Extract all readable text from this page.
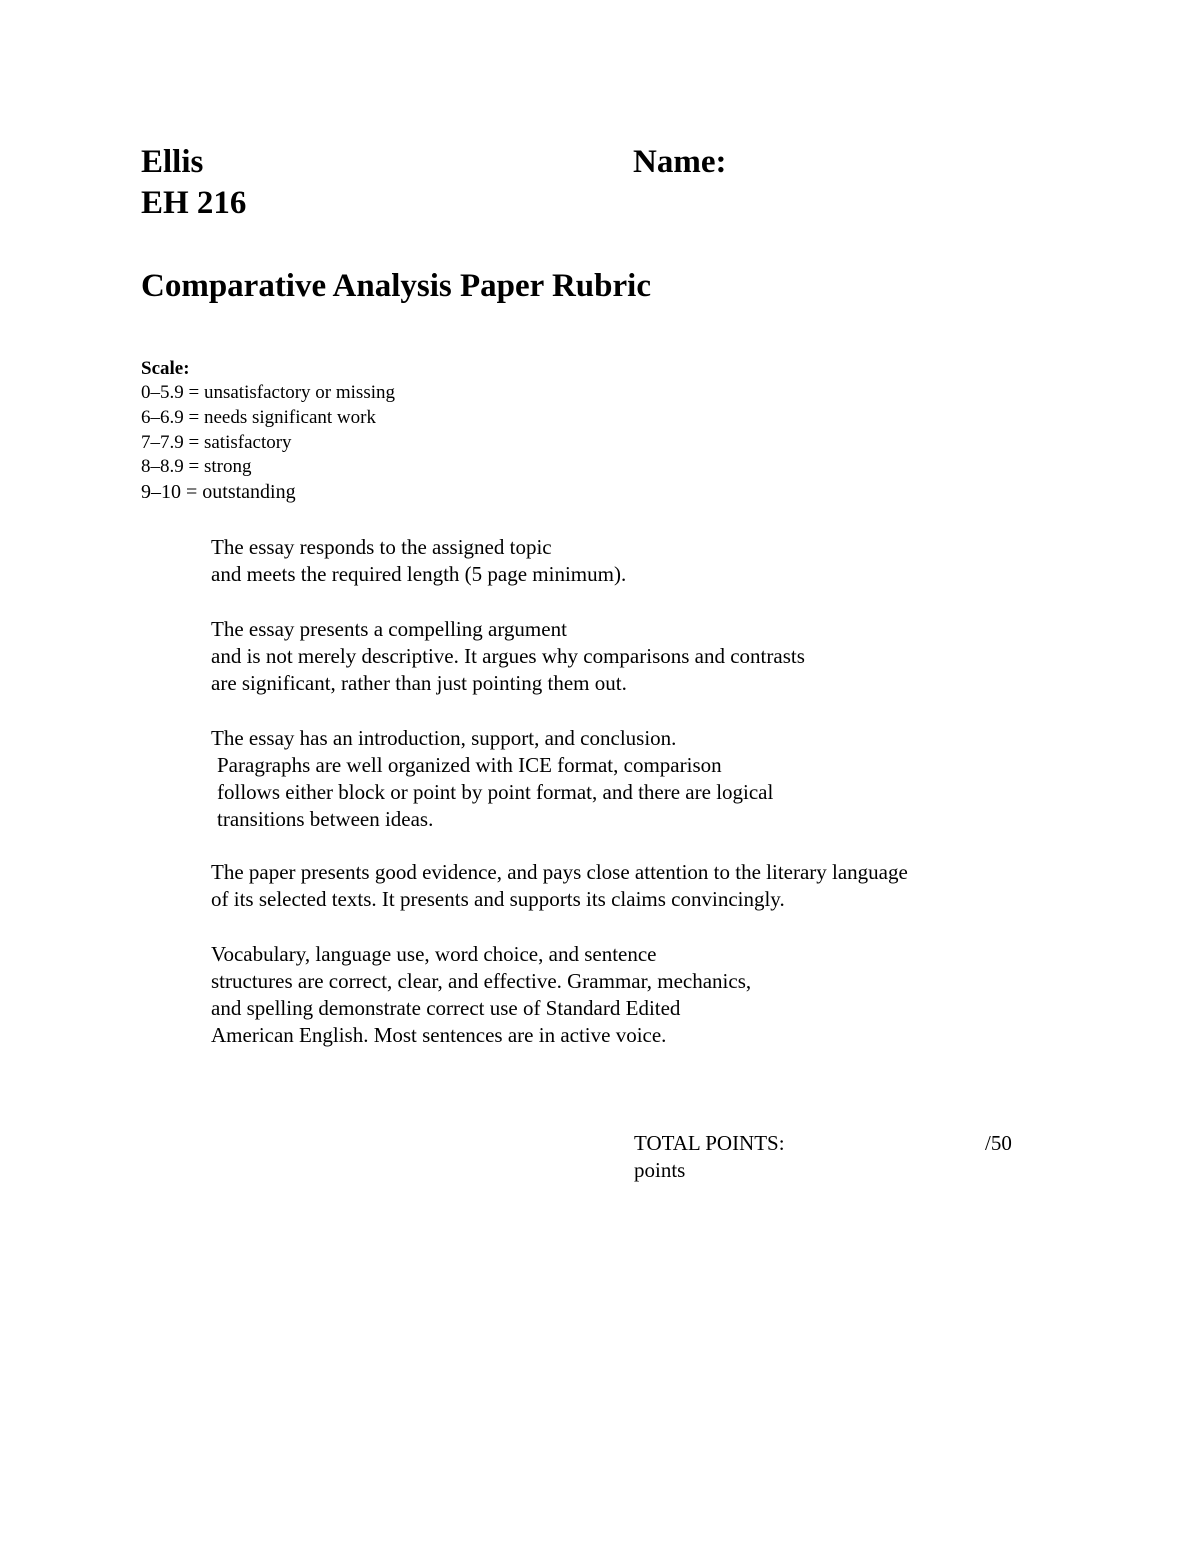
Ellis
EH 216
Name:
Comparative Analysis Paper Rubric
Scale:
0–5.9 = unsatisfactory or missing
6–6.9 = needs significant work
7–7.9 = satisfactory
8–8.9 = strong
9–10 = outstanding

The essay responds to the assigned topic

and meets the required length (5 page minimum).

The essay presents a compelling argument

and is not merely descriptive. It argues why comparisons and contrasts

are significant, rather than just pointing them out.

The essay has an introduction, support, and conclusion.

Paragraphs are well organized with ICE format, comparison

follows either block or point by point format, and there are logical

transitions between ideas.

The paper presents good evidence, and pays close attention to the literary language

of its selected texts. It presents and supports its claims convincingly.

Vocabulary, language use, word choice, and sentence

structures are correct, clear, and effective. Grammar, mechanics,

and spelling demonstrate correct use of Standard Edited

American English. Most sentences are in active voice.

TOTAL POINTS:	/50
points
